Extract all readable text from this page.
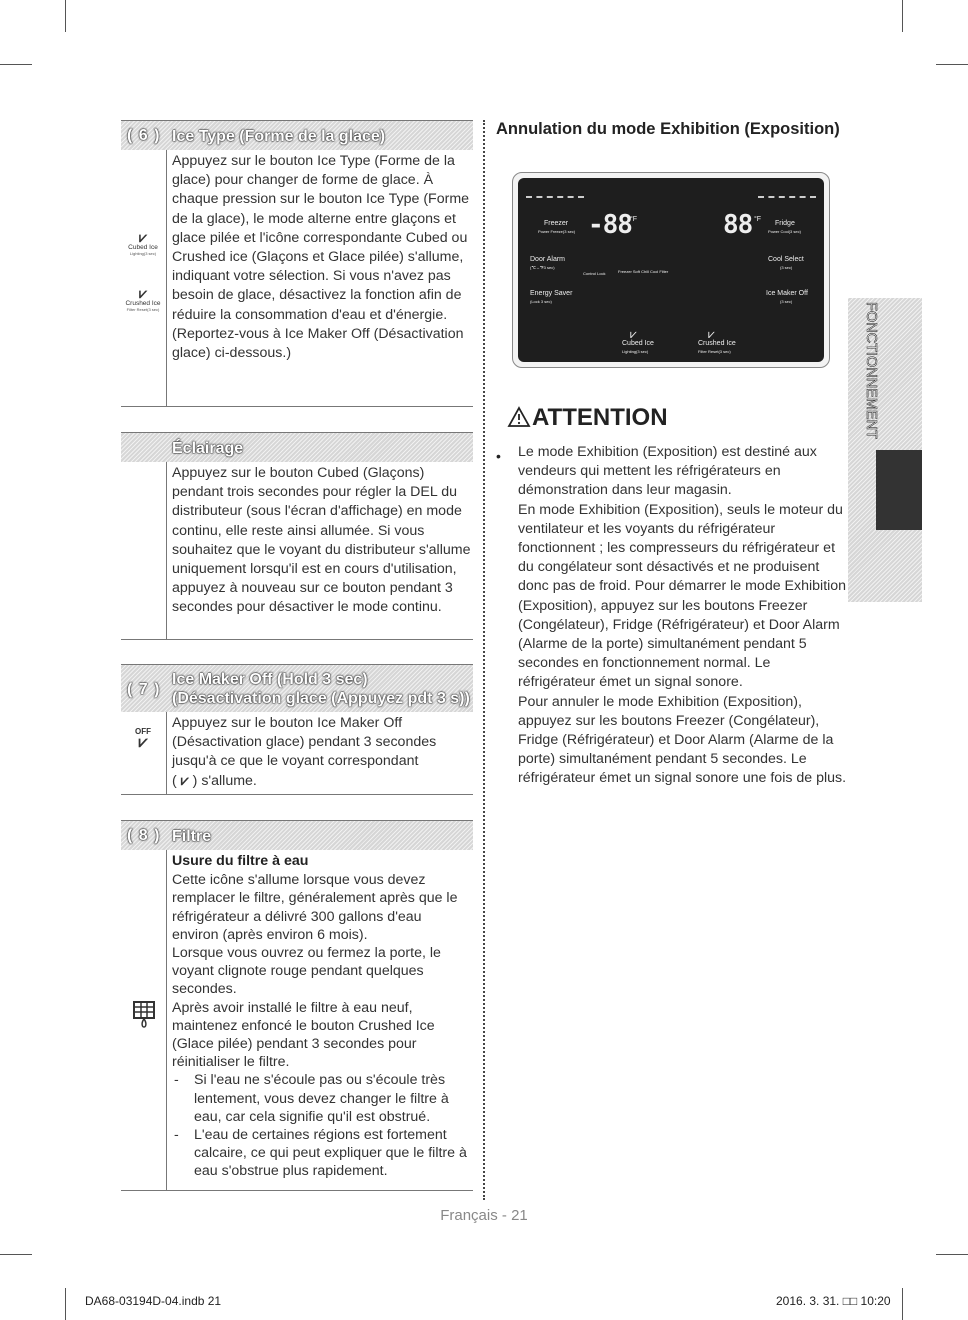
( 6 ) Ice Type (Forme de la glace)
⩗
Cubed Ice
Lighting(3 sec)
⩗
Crushed Ice
Filter Reset(3 sec)
Appuyez sur le bouton Ice Type (Forme de la glace) pour changer de forme de glace. À chaque pression sur le bouton Ice Type (Forme de la glace), le mode alterne entre glaçons et glace pilée et l'icône correspondante Cubed ou Crushed ice (Glaçons et Glace pilée) s'allume, indiquant votre sélection. Si vous n'avez pas besoin de glace, désactivez la fonction afin de réduire la consommation d'eau et d'énergie. (Reportez-vous à Ice Maker Off (Désactivation glace) ci-dessous.)
Éclairage
Appuyez sur le bouton Cubed (Glaçons) pendant trois secondes pour régler la DEL du distributeur (sous l'écran d'affichage) en mode continu, elle reste ainsi allumée. Si vous souhaitez que le voyant du distributeur s'allume uniquement lorsqu'il est en cours d'utilisation, appuyez à nouveau sur ce bouton pendant 3 secondes pour désactiver le mode continu.
( 7 )
Ice Maker Off (Hold 3 sec)
(Désactivation glace (Appuyez pdt 3 s))
OFF
⩗
Appuyez sur le bouton Ice Maker Off
(Désactivation glace) pendant 3 secondes
jusqu'à ce que le voyant correspondant
( ⩗ ) s'allume.
( 8 ) Filtre
Usure du filtre à eau
Cette icône s'allume lorsque vous devez remplacer le filtre, généralement après que le réfrigérateur a délivré 300 gallons d'eau environ (après environ 6 mois).
Lorsque vous ouvrez ou fermez la porte, le voyant clignote rouge pendant quelques secondes.
Après avoir installé le filtre à eau neuf, maintenez enfoncé le bouton Crushed Ice (Glace pilée) pendant 3 secondes pour réinitialiser le filtre.
- Si l'eau ne s'écoule pas ou s'écoule très lentement, vous devez changer le filtre à eau, car cela signifie qu'il est obstrué.
- L'eau de certaines régions est fortement calcaire, ce qui peut expliquer que le filtre à eau s'obstrue plus rapidement.
Annulation du mode Exhibition (Exposition)
Freezer
Power Freeze(3 sec) -88
°F	88 °F
Fridge
Power Cool(3 sec)
Door Alarm
(℃↔℉3 sec)
Freezer Soft Chill Cool Filter
Control Lock
Cool Select
(3 sec)
Energy Saver
(Lock 3 sec)
Ice Maker Off
(3 sec)
⩗	⩗
Cubed Ice
Lighting(3 sec)
Crushed Ice
Filter Reset(3 sec)
ATTENTION
• Le mode Exhibition (Exposition) est destiné aux vendeurs qui mettent les réfrigérateurs en démonstration dans leur magasin.
En mode Exhibition (Exposition), seuls le moteur du ventilateur et les voyants du réfrigérateur fonctionnent ; les compresseurs du réfrigérateur et du congélateur sont désactivés et ne produisent donc pas de froid. Pour démarrer le mode Exhibition (Exposition), appuyez sur les boutons Freezer (Congélateur), Fridge (Réfrigérateur) et Door Alarm (Alarme de la porte) simultanément pendant 5 secondes en fonctionnement normal. Le réfrigérateur émet un signal sonore.
Pour annuler le mode Exhibition (Exposition), appuyez sur les boutons Freezer (Congélateur), Fridge (Réfrigérateur) et Door Alarm (Alarme de la porte) simultanément pendant 5 secondes. Le réfrigérateur émet un signal sonore une fois de plus.
FONCTIONNEMENT
Français - 21
DA68-03194D-04.indb 21	2016. 3. 31. □□ 10:20
